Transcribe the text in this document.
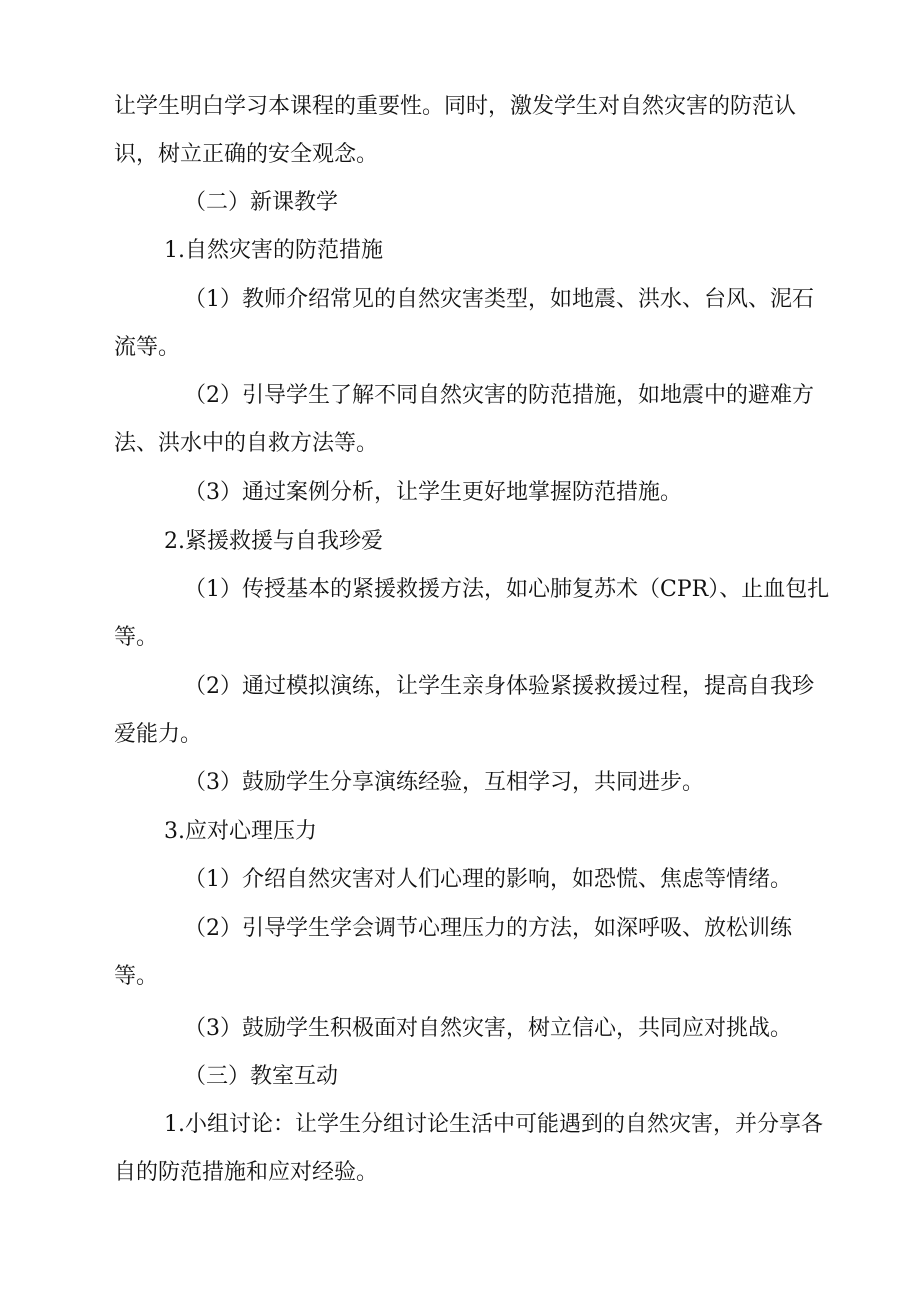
让学生明白学习本课程的重要性。同时，激发学生对自然灾害的防范认识，树立正确的安全观念。

（二）新课教学

1.自然灾害的防范措施

（1）教师介绍常见的自然灾害类型，如地震、洪水、台风、泥石流等。

（2）引导学生了解不同自然灾害的防范措施，如地震中的避难方法、洪水中的自救方法等。

（3）通过案例分析，让学生更好地掌握防范措施。

2.紧援救援与自我珍爱

（1）传授基本的紧援救援方法，如心肺复苏术（CPR）、止血包扎等。

（2）通过模拟演练，让学生亲身体验紧援救援过程，提高自我珍爱能力。

（3）鼓励学生分享演练经验，互相学习，共同进步。

3.应对心理压力

（1）介绍自然灾害对人们心理的影响，如恐慌、焦虑等情绪。

（2）引导学生学会调节心理压力的方法，如深呼吸、放松训练等。

（3）鼓励学生积极面对自然灾害，树立信心，共同应对挑战。

（三）教室互动

1.小组讨论：让学生分组讨论生活中可能遇到的自然灾害，并分享各自的防范措施和应对经验。
